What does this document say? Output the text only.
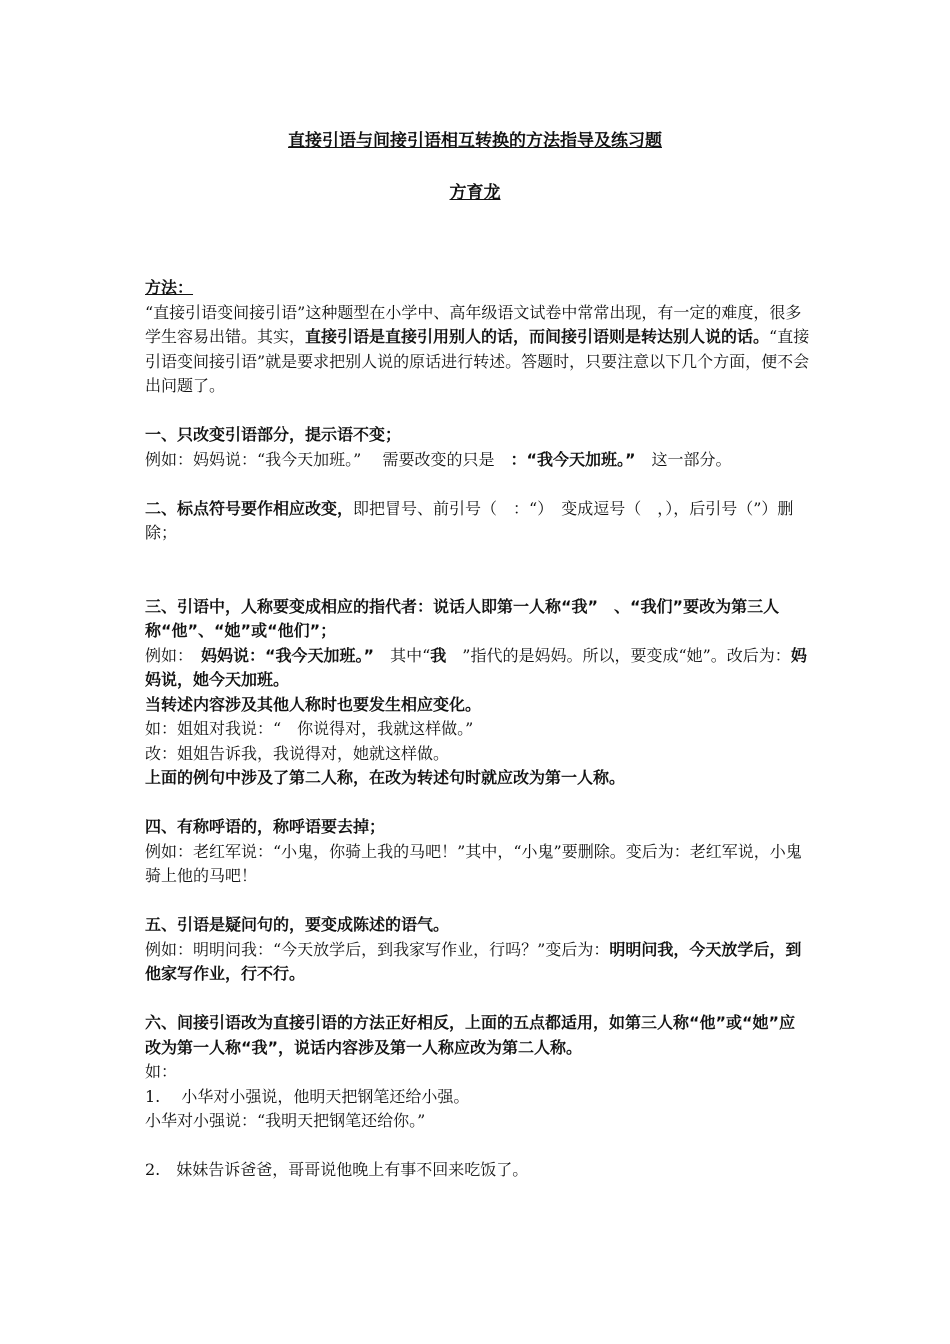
直接引语与间接引语相互转换的方法指导及练习题
方育龙

方法：

“直接引语变间接引语”这种题型在小学中、高年级语文试卷中常常出现，有一定的难度，很多学生容易出错。其实，直接引语是直接引用别人的话，而间接引语则是转达别人说的话。“直接引语变间接引语”就是要求把别人说的原话进行转述。答题时，只要注意以下几个方面，便不会出问题了。

一、只改变引语部分，提示语不变；

例如：妈妈说：“我今天加班。”　 需要改变的只是　：“我今天加班。”　这一部分。

二、标点符号要作相应改变，即把冒号、前引号（　：“）　变成逗号（　，），后引号（”）删除；

三、引语中，人称要变成相应的指代者：说话人即第一人称“我”　、“我们”要改为第三人称“他”、“她”或“他们”；

例如：　妈妈说：“我今天加班。”　其中“我　”指代的是妈妈。所以，要变成“她”。改后为：妈妈说，她今天加班。

当转述内容涉及其他人称时也要发生相应变化。

如：姐姐对我说：“　你说得对，我就这样做。”

改：姐姐告诉我，我说得对，她就这样做。

上面的例句中涉及了第二人称，在改为转述句时就应改为第一人称。

四、有称呼语的，称呼语要去掉；

例如：老红军说：“小鬼，你骑上我的马吧！”其中，“小鬼”要删除。变后为：老红军说，小鬼骑上他的马吧！

五、引语是疑问句的，要变成陈述的语气。

例如：明明问我：“今天放学后，到我家写作业，行吗？”变后为：明明问我，今天放学后，到他家写作业，行不行。

六、间接引语改为直接引语的方法正好相反，上面的五点都适用，如第三人称“他”或“她”应改为第一人称“我”，说话内容涉及第一人称应改为第二人称。

如：

1.　 小华对小强说，他明天把钢笔还给小强。

小华对小强说：“我明天把钢笔还给你。”

2.　妹妹告诉爸爸，哥哥说他晚上有事不回来吃饭了。
